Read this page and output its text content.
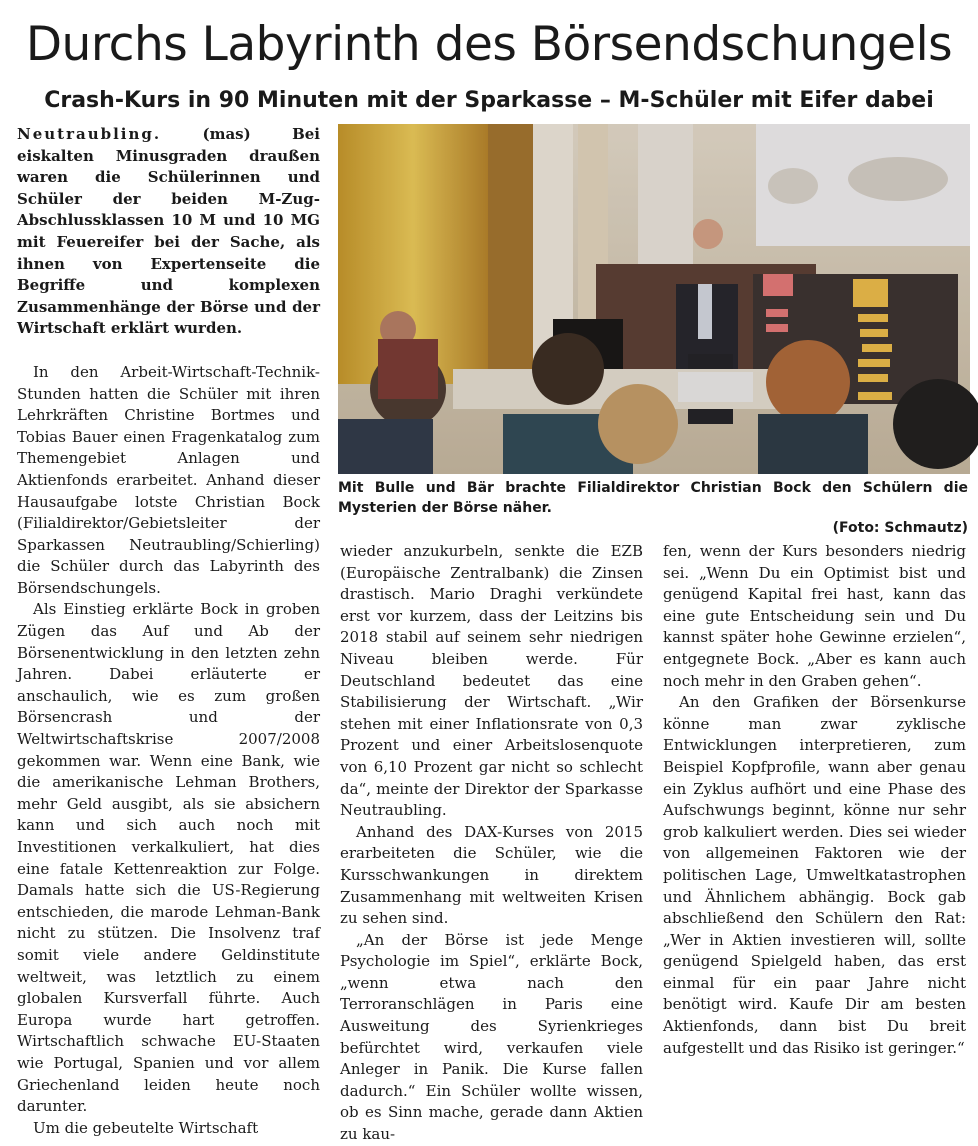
Durchs Labyrinth des Börsendschungels
Crash-Kurs in 90 Minuten mit der Sparkasse – M-Schüler mit Eifer dabei

Neutraubling.	(mas)	Bei eiskalten Minusgraden draußen waren die Schülerinnen und Schüler der beiden M-Zug-Abschlussklassen 10 M und 10 MG mit Feuereifer bei der Sache, als ihnen von Expertenseite die Begriffe und komplexen Zusammenhänge der Börse und der Wirtschaft erklärt wurden.

In den Arbeit-Wirtschaft-Technik-Stunden hatten die Schüler mit ihren Lehrkräften Christine Bortmes und Tobias Bauer einen Fragenkatalog zum Themengebiet Anlagen und Aktienfonds erarbeitet. Anhand dieser Hausaufgabe lotste Christian Bock (Filialdirektor/Gebietsleiter der Sparkassen Neutraubling/Schierling) die Schüler durch das Labyrinth des Börsendschungels.

Als Einstieg erklärte Bock in groben Zügen das Auf und Ab der Börsenentwicklung in den letzten zehn Jahren. Dabei erläuterte er anschaulich, wie es zum großen Börsencrash und der Weltwirtschaftskrise 2007/2008 gekommen war. Wenn eine Bank, wie die amerikanische Lehman Brothers, mehr Geld ausgibt, als sie absichern kann und sich auch noch mit Investitionen verkalkuliert, hat dies eine fatale Kettenreaktion zur Folge. Damals hatte sich die US-Regierung entschieden, die marode Lehman-Bank nicht zu stützen. Die Insolvenz traf somit viele andere Geldinstitute weltweit, was letztlich zu einem globalen Kursverfall führte. Auch Europa wurde hart getroffen. Wirtschaftlich schwache EU-Staaten wie Portugal, Spanien und vor allem Griechenland leiden heute noch darunter.

Um die gebeutelte Wirtschaft

Mit Bulle und Bär brachte Filialdirektor Christian Bock den Schülern die Mysterien der Börse näher.
(Foto: Schmautz)

wieder anzukurbeln, senkte die EZB (Europäische Zentralbank) die Zinsen drastisch. Mario Draghi verkündete erst vor kurzem, dass der Leitzins bis 2018 stabil auf seinem sehr niedrigen Niveau bleiben werde. Für Deutschland bedeutet das eine Stabilisierung der Wirtschaft. „Wir stehen mit einer Inflationsrate von 0,3 Prozent und einer Arbeitslosenquote von 6,10 Prozent gar nicht so schlecht da“, meinte der Direktor der Sparkasse Neutraubling.

Anhand des DAX-Kurses von 2015 erarbeiteten die Schüler, wie die Kursschwankungen in direktem Zusammenhang mit weltweiten Krisen zu sehen sind.

„An der Börse ist jede Menge Psychologie im Spiel“, erklärte Bock, „wenn etwa nach den Terroranschlägen in Paris eine Ausweitung des Syrienkrieges befürchtet wird, verkaufen viele Anleger in Panik. Die Kurse fallen dadurch.“ Ein Schüler wollte wissen, ob es Sinn mache, gerade dann Aktien zu kau-

fen, wenn der Kurs besonders niedrig sei. „Wenn Du ein Optimist bist und genügend Kapital frei hast, kann das eine gute Entscheidung sein und Du kannst später hohe Gewinne erzielen“, entgegnete Bock. „Aber es kann auch noch mehr in den Graben gehen“.

An den Grafiken der Börsenkurse könne man zwar zyklische Entwicklungen interpretieren, zum Beispiel Kopfprofile, wann aber genau ein Zyklus aufhört und eine Phase des Aufschwungs beginnt, könne nur sehr grob kalkuliert werden. Dies sei wieder von allgemeinen Faktoren wie der politischen Lage, Umweltkatastrophen und Ähnlichem abhängig. Bock gab abschließend den Schülern den Rat: „Wer in Aktien investieren will, sollte genügend Spielgeld haben, das erst einmal für ein paar Jahre nicht benötigt wird. Kaufe Dir am besten Aktienfonds, dann bist Du breit aufgestellt und das Risiko ist geringer.“
